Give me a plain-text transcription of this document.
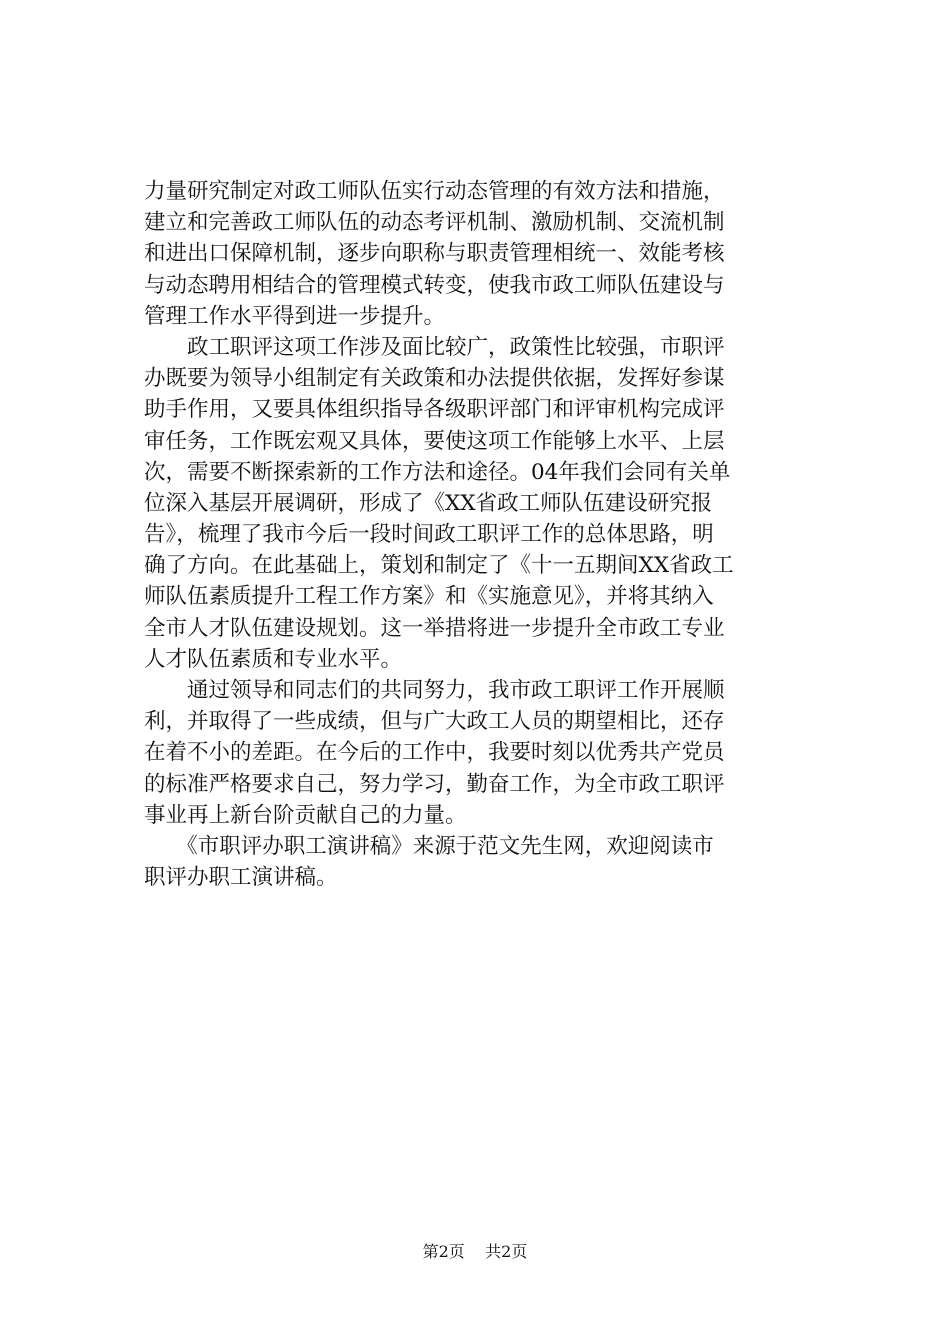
力量研究制定对政工师队伍实行动态管理的有效方法和措施，
建立和完善政工师队伍的动态考评机制、激励机制、交流机制
和进出口保障机制，逐步向职称与职责管理相统一、效能考核
与动态聘用相结合的管理模式转变，使我市政工师队伍建设与
管理工作水平得到进一步提升。
　　政工职评这项工作涉及面比较广，政策性比较强，市职评
办既要为领导小组制定有关政策和办法提供依据，发挥好参谋
助手作用，又要具体组织指导各级职评部门和评审机构完成评
审任务，工作既宏观又具体，要使这项工作能够上水平、上层
次，需要不断探索新的工作方法和途径。04年我们会同有关单
位深入基层开展调研，形成了《XX省政工师队伍建设研究报
告》，梳理了我市今后一段时间政工职评工作的总体思路，明
确了方向。在此基础上，策划和制定了《十一五期间XX省政工
师队伍素质提升工程工作方案》和《实施意见》，并将其纳入
全市人才队伍建设规划。这一举措将进一步提升全市政工专业
人才队伍素质和专业水平。
　　通过领导和同志们的共同努力，我市政工职评工作开展顺
利，并取得了一些成绩，但与广大政工人员的期望相比，还存
在着不小的差距。在今后的工作中，我要时刻以优秀共产党员
的标准严格要求自己，努力学习，勤奋工作，为全市政工职评
事业再上新台阶贡献自己的力量。
　　《市职评办职工演讲稿》来源于范文先生网，欢迎阅读市
职评办职工演讲稿。
第2页 共2页
